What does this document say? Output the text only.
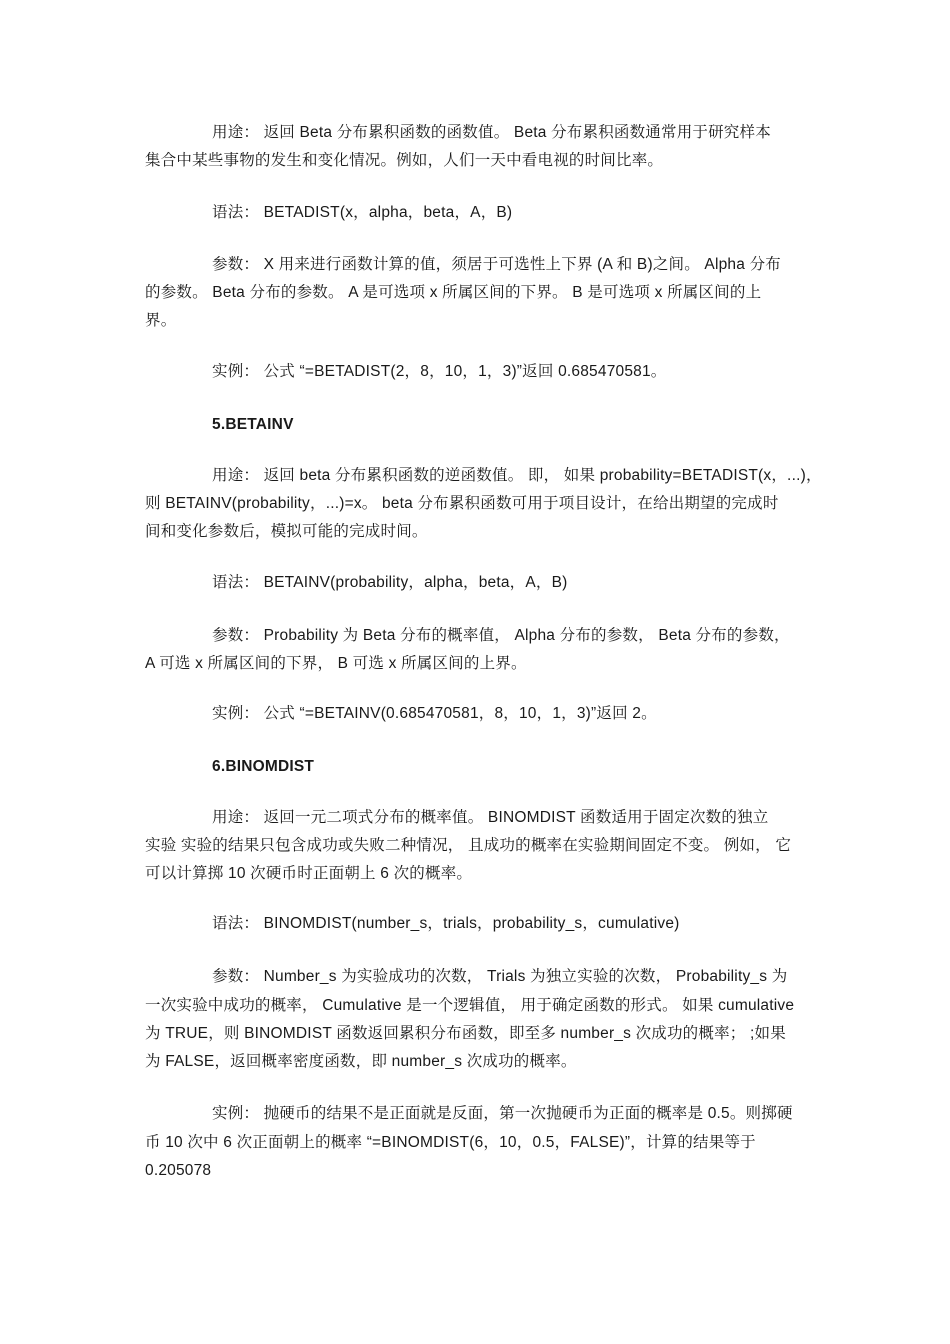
用途： 返回 Beta 分布累积函数的函数值。 Beta 分布累积函数通常用于研究样本
集合中某些事物的发生和变化情况。例如，人们一天中看电视的时间比率。
语法： BETADIST(x，alpha，beta，A，B)
参数： X 用来进行函数计算的值，须居于可选性上下界 (A 和 B)之间。 Alpha 分布
的参数。 Beta 分布的参数。 A 是可选项 x 所属区间的下界。 B 是可选项 x 所属区间的上
界。
实例： 公式 “=BETADIST(2，8，10，1，3)”返回 0.685470581。
5.BETAINV
用途： 返回 beta 分布累积函数的逆函数值。 即， 如果 probability=BETADIST(x，...)，
则 BETAINV(probability，...)=x。 beta 分布累积函数可用于项目设计，在给出期望的完成时
间和变化参数后，模拟可能的完成时间。
语法： BETAINV(probability，alpha，beta，A，B)
参数： Probability 为 Beta 分布的概率值， Alpha 分布的参数， Beta 分布的参数，
A 可选 x 所属区间的下界， B 可选 x 所属区间的上界。
实例： 公式 “=BETAINV(0.685470581，8，10，1，3)”返回 2。
6.BINOMDIST
用途： 返回一元二项式分布的概率值。 BINOMDIST 函数适用于固定次数的独立
实验 实验的结果只包含成功或失败二种情况， 且成功的概率在实验期间固定不变。 例如， 它
可以计算掷 10 次硬币时正面朝上 6 次的概率。
语法： BINOMDIST(number_s，trials，probability_s，cumulative)
参数： Number_s 为实验成功的次数， Trials 为独立实验的次数， Probability_s 为
一次实验中成功的概率， Cumulative 是一个逻辑值， 用于确定函数的形式。 如果 cumulative
为 TRUE，则 BINOMDIST 函数返回累积分布函数，即至多 number_s 次成功的概率； ;如果
为 FALSE，返回概率密度函数，即 number_s 次成功的概率。
实例： 抛硬币的结果不是正面就是反面，第一次抛硬币为正面的概率是 0.5。则掷硬
币 10 次中 6 次正面朝上的概率 “=BINOMDIST(6，10，0.5，FALSE)”，计算的结果等于
0.205078
